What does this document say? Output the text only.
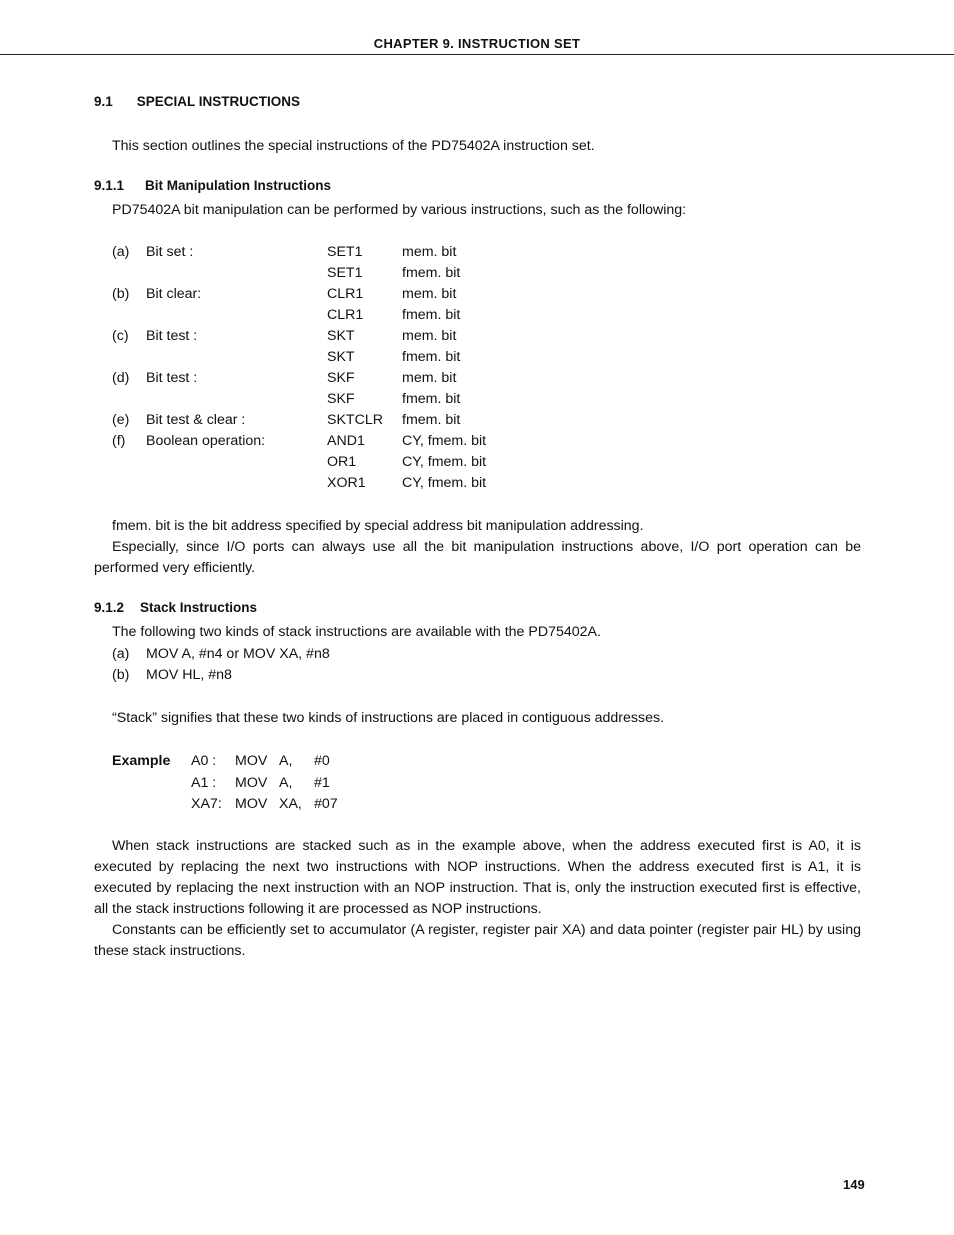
CHAPTER 9. INSTRUCTION SET
9.1 SPECIAL INSTRUCTIONS
This section outlines the special instructions of the PD75402A instruction set.
9.1.1 Bit Manipulation Instructions
PD75402A bit manipulation can be performed by various instructions, such as the following:
(a) Bit set :	SET1	mem. bit
SET1	fmem. bit
(b) Bit clear:	CLR1	mem. bit
CLR1	fmem. bit
(c) Bit test :	SKT	mem. bit
SKT	fmem. bit
(d) Bit test :	SKF	mem. bit
SKF	fmem. bit
(e) Bit test & clear :	SKTCLR fmem. bit
(f) Boolean operation:	AND1	CY, fmem. bit
OR1	CY, fmem. bit
XOR1	CY, fmem. bit
fmem. bit is the bit address specified by special address bit manipulation addressing.
Especially, since I/O ports can always use all the bit manipulation instructions above, I/O port operation can be performed very efficiently.
9.1.2 Stack Instructions
The following two kinds of stack instructions are available with the PD75402A.
(a) MOV A, #n4 or MOV XA, #n8
(b) MOV HL, #n8
“Stack” signifies that these two kinds of instructions are placed in contiguous addresses.
Example A0 : MOV A, #0
A1 : MOV A, #1
XA7: MOV XA, #07
When stack instructions are stacked such as in the example above, when the address executed first is A0, it is executed by replacing the next two instructions with NOP instructions. When the address executed first is A1, it is executed by replacing the next instruction with an NOP instruction. That is, only the instruction executed first is effective, all the stack instructions following it are processed as NOP instructions.
Constants can be efficiently set to accumulator (A register, register pair XA) and data pointer (register pair HL) by using these stack instructions.
149
